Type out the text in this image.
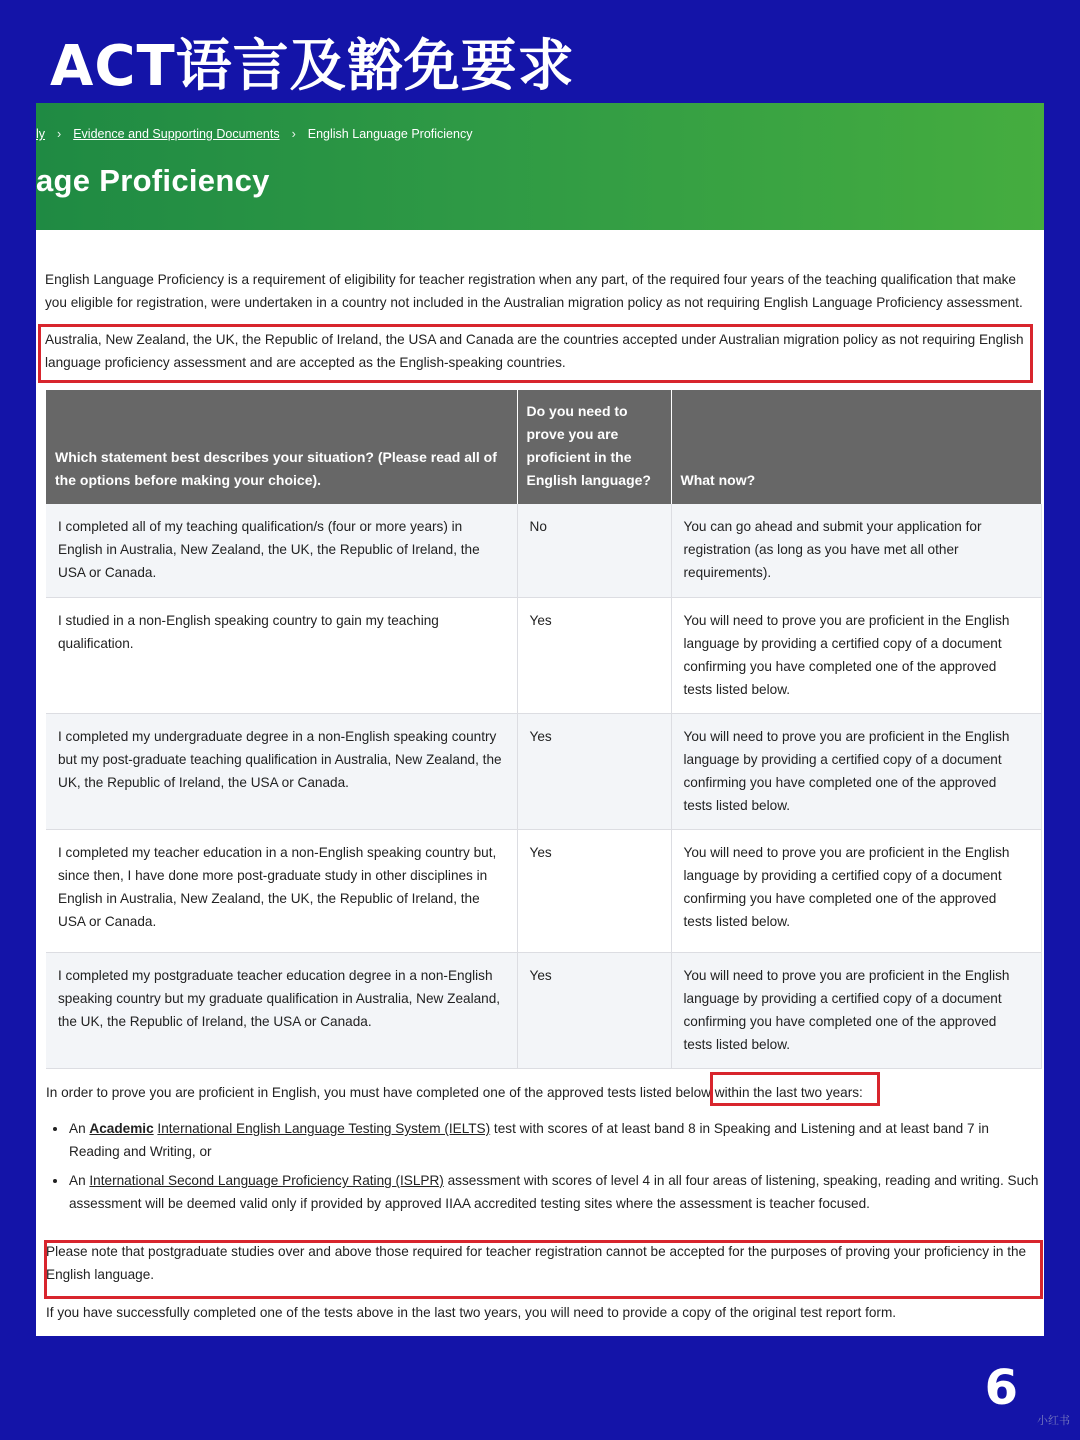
ACT语言及豁免要求
ly › Evidence and Supporting Documents › English Language Proficiency
age Proficiency

English Language Proficiency is a requirement of eligibility for teacher registration when any part, of the required four years of the teaching qualification that make you eligible for registration, were undertaken in a country not included in the Australian migration policy as not requiring English Language Proficiency assessment.

Australia, New Zealand, the UK, the Republic of Ireland, the USA and Canada are the countries accepted under Australian migration policy as not requiring English language proficiency assessment and are accepted as the English-speaking countries.

Which statement best describes your situation? (Please read all of the options before making your choice).	Do you need to prove you are proficient in the English language?	What now?
I completed all of my teaching qualification/s (four or more years) in English in Australia, New Zealand, the UK, the Republic of Ireland, the USA or Canada.	No	You can go ahead and submit your application for registration (as long as you have met all other requirements).
I studied in a non-English speaking country to gain my teaching qualification.	Yes	You will need to prove you are proficient in the English language by providing a certified copy of a document confirming you have completed one of the approved tests listed below.
I completed my undergraduate degree in a non-English speaking country but my post-graduate teaching qualification in Australia, New Zealand, the UK, the Republic of Ireland, the USA or Canada.	Yes	You will need to prove you are proficient in the English language by providing a certified copy of a document confirming you have completed one of the approved tests listed below.
I completed my teacher education in a non-English speaking country but, since then, I have done more post-graduate study in other disciplines in English in Australia, New Zealand, the UK, the Republic of Ireland, the USA or Canada.	Yes	You will need to prove you are proficient in the English language by providing a certified copy of a document confirming you have completed one of the approved tests listed below.
I completed my postgraduate teacher education degree in a non-English speaking country but my graduate qualification in Australia, New Zealand, the UK, the Republic of Ireland, the USA or Canada.	Yes	You will need to prove you are proficient in the English language by providing a certified copy of a document confirming you have completed one of the approved tests listed below.

In order to prove you are proficient in English, you must have completed one of the approved tests listed below within the last two years:

An Academic International English Language Testing System (IELTS) test with scores of at least band 8 in Speaking and Listening and at least band 7 in Reading and Writing, or
An International Second Language Proficiency Rating (ISLPR) assessment with scores of level 4 in all four areas of listening, speaking, reading and writing. Such assessment will be deemed valid only if provided by approved IIAA accredited testing sites where the assessment is teacher focused.

Please note that postgraduate studies over and above those required for teacher registration cannot be accepted for the purposes of proving your proficiency in the English language.

If you have successfully completed one of the tests above in the last two years, you will need to provide a copy of the original test report form.

6
小红书
